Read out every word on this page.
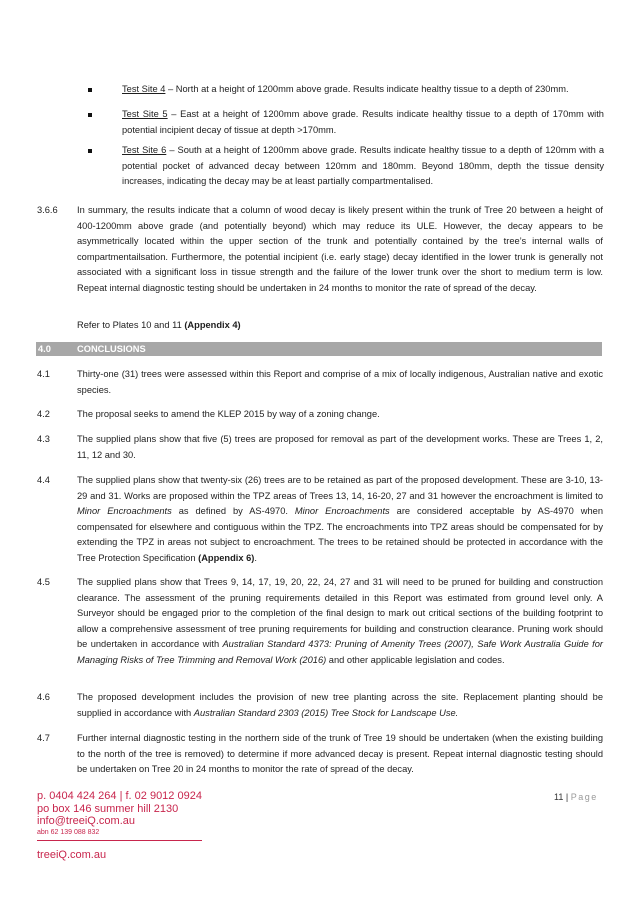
Test Site 4 – North at a height of 1200mm above grade. Results indicate healthy tissue to a depth of 230mm.
Test Site 5 – East at a height of 1200mm above grade. Results indicate healthy tissue to a depth of 170mm with potential incipient decay of tissue at depth >170mm.
Test Site 6 – South at a height of 1200mm above grade. Results indicate healthy tissue to a depth of 120mm with a potential pocket of advanced decay between 120mm and 180mm. Beyond 180mm, depth the tissue density increases, indicating the decay may be at least partially compartmentalised.
3.6.6 In summary, the results indicate that a column of wood decay is likely present within the trunk of Tree 20 between a height of 400-1200mm above grade (and potentially beyond) which may reduce its ULE. However, the decay appears to be asymmetrically located within the upper section of the trunk and potentially contained by the tree’s internal walls of compartmentailsation. Furthermore, the potential incipient (i.e. early stage) decay identified in the lower trunk is generally not associated with a significant loss in tissue strength and the failure of the lower trunk over the short to medium term is low. Repeat internal diagnostic testing should be undertaken in 24 months to monitor the rate of spread of the decay.
Refer to Plates 10 and 11 (Appendix 4)
4.0	CONCLUSIONS
4.1	Thirty-one (31) trees were assessed within this Report and comprise of a mix of locally indigenous, Australian native and exotic species.
4.2	The proposal seeks to amend the KLEP 2015 by way of a zoning change.
4.3	The supplied plans show that five (5) trees are proposed for removal as part of the development works. These are Trees 1, 2, 11, 12 and 30.
4.4	The supplied plans show that twenty-six (26) trees are to be retained as part of the proposed development. These are 3-10, 13-29 and 31. Works are proposed within the TPZ areas of Trees 13, 14, 16-20, 27 and 31 however the encroachment is limited to Minor Encroachments as defined by AS-4970. Minor Encroachments are considered acceptable by AS-4970 when compensated for elsewhere and contiguous within the TPZ. The encroachments into TPZ areas should be compensated for by extending the TPZ in areas not subject to encroachment. The trees to be retained should be protected in accordance with the Tree Protection Specification (Appendix 6).
4.5	The supplied plans show that Trees 9, 14, 17, 19, 20, 22, 24, 27 and 31 will need to be pruned for building and construction clearance. The assessment of the pruning requirements detailed in this Report was estimated from ground level only. A Surveyor should be engaged prior to the completion of the final design to mark out critical sections of the building footprint to allow a comprehensive assessment of tree pruning requirements for building and construction clearance. Pruning work should be undertaken in accordance with Australian Standard 4373: Pruning of Amenity Trees (2007), Safe Work Australia Guide for Managing Risks of Tree Trimming and Removal Work (2016) and other applicable legislation and codes.
4.6	The proposed development includes the provision of new tree planting across the site. Replacement planting should be supplied in accordance with Australian Standard 2303 (2015) Tree Stock for Landscape Use.
4.7	Further internal diagnostic testing in the northern side of the trunk of Tree 19 should be undertaken (when the existing building to the north of the tree is removed) to determine if more advanced decay is present. Repeat internal diagnostic testing should be undertaken on Tree 20 in 24 months to monitor the rate of spread of the decay.
p. 0404 424 264 | f. 02 9012 0924
po box 146 summer hill 2130
info@treeiQ.com.au
abn 62 139 088 832
treeiQ.com.au
11 | Page
